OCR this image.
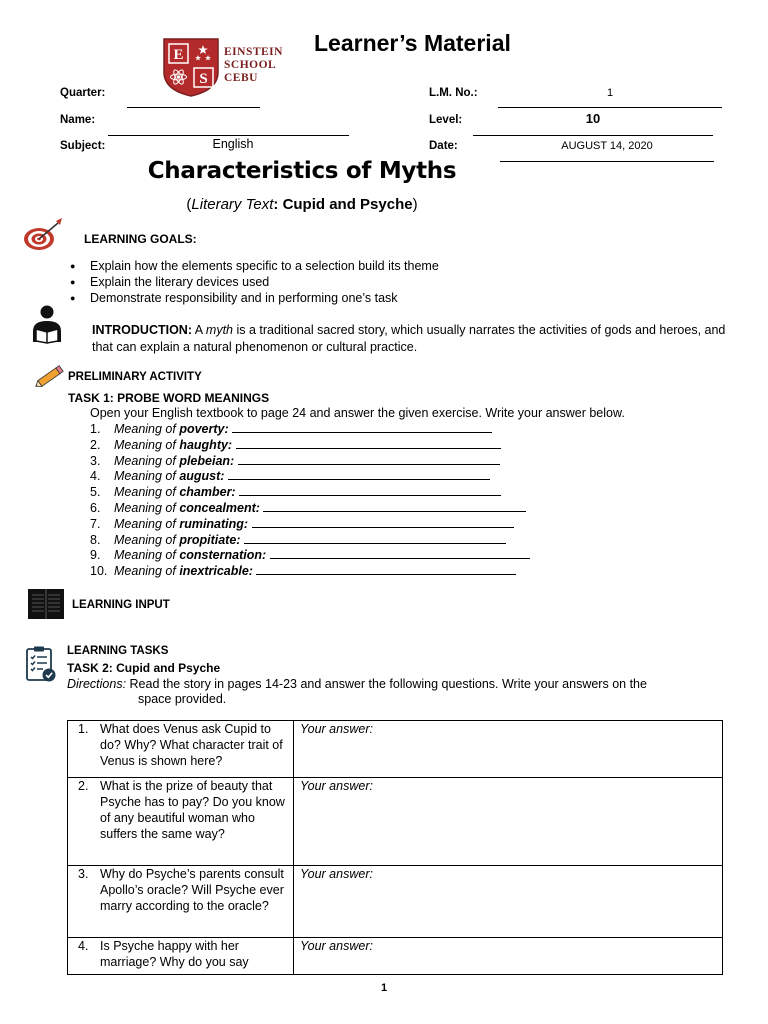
E
S
EINSTEIN
SCHOOL
CEBU
Learner’s Material
Quarter:	L.M. No.:	1
Name:	Level:	10
Subject:	English	Date:	AUGUST 14, 2020
Characteristics of Myths
(Literary Text: Cupid and Psyche)
LEARNING GOALS:
● Explain how the elements specific to a selection build its theme
● Explain the literary devices used
● Demonstrate responsibility and in performing one’s task
INTRODUCTION: A myth is a traditional sacred story, which usually narrates the activities of gods and heroes, and that can explain a natural phenomenon or cultural practice.
PRELIMINARY ACTIVITY
TASK 1: PROBE WORD MEANINGS
Open your English textbook to page 24 and answer the given exercise. Write your answer below.
1. Meaning of poverty:
2. Meaning of haughty:
3. Meaning of plebeian:
4. Meaning of august:
5. Meaning of chamber:
6. Meaning of concealment:
7. Meaning of ruminating:
8. Meaning of propitiate:
9. Meaning of consternation:
10. Meaning of inextricable:
LEARNING INPUT
LEARNING TASKS
TASK 2: Cupid and Psyche
Directions: Read the story in pages 14-23 and answer the following questions. Write your answers on the
space provided.
1. What does Venus ask Cupid to do? Why? What character trait of Venus is shown here?	Your answer:

2. What is the prize of beauty that Psyche has to pay? Do you know of any beautiful woman who suffers the same way?	Your answer:

3. Why do Psyche’s parents consult Apollo’s oracle? Will Psyche ever marry according to the oracle?	Your answer:

4. Is Psyche happy with her marriage? Why do you say	Your answer:
1
